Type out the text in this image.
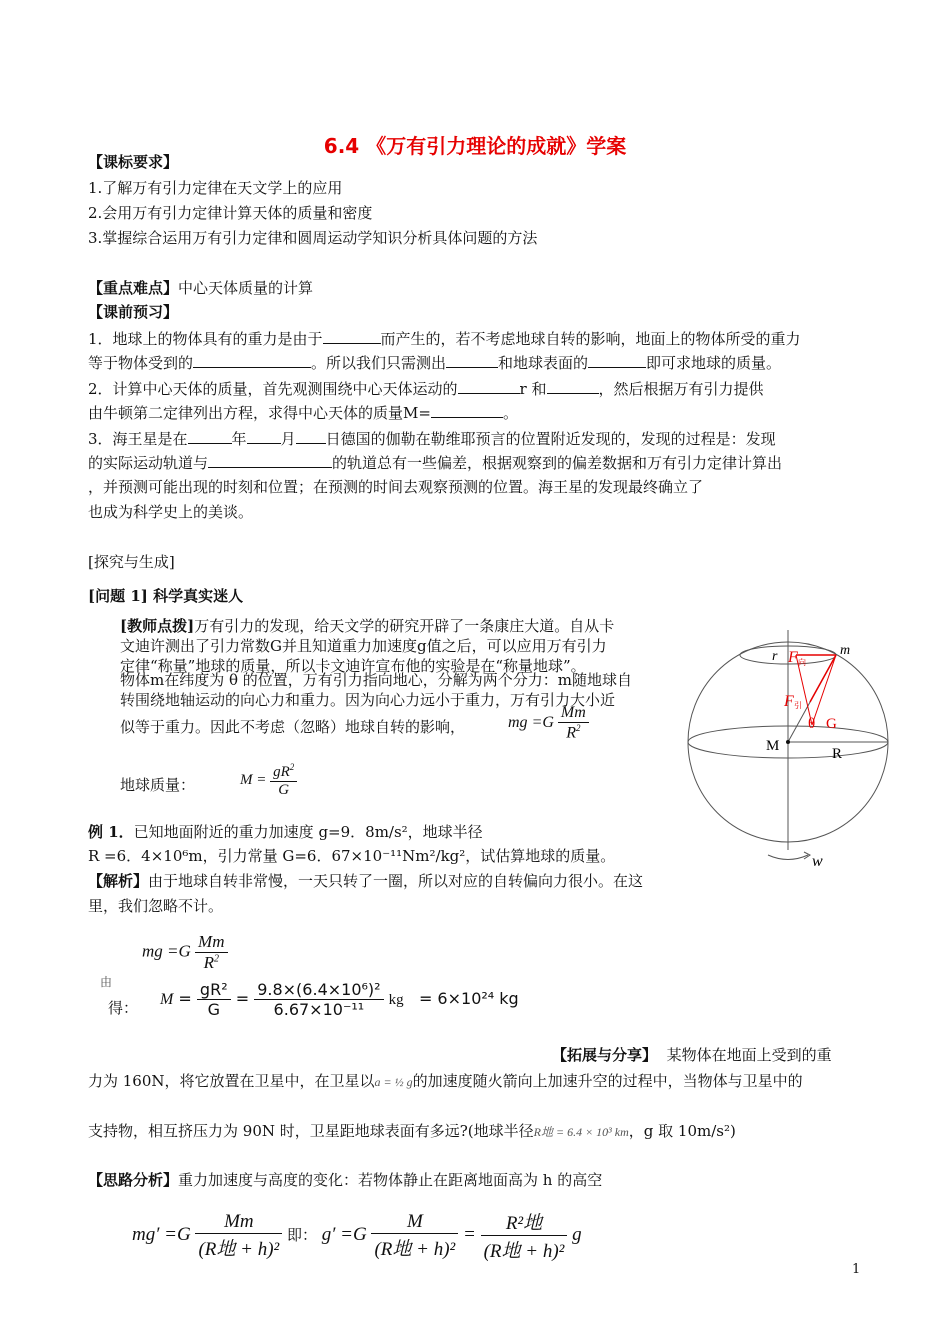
6.4 《万有引力理论的成就》学案
【课标要求】
1.了解万有引力定律在天文学上的应用
2.会用万有引力定律计算天体的质量和密度
3.掌握综合运用万有引力定律和圆周运动学知识分析具体问题的方法
【重点难点】中心天体质量的计算
【课前预习】
1．地球上的物体具有的重力是由于	而产生的，若不考虑地球自转的影响，地面上的物体所受的重力
等于物体受到的	。所以我们只需测出	和地球表面的	即可求地球的质量。
2．计算中心天体的质量，首先观测围绕中心天体运动的	r 和	，然后根据万有引力提供
由牛顿第二定律列出方程，求得中心天体的质量M=	。
3．海王星是在	年 月 日德国的伽勒在勒维耶预言的位置附近发现的，发现的过程是：发现
的实际运动轨道与	的轨道总有一些偏差，根据观察到的偏差数据和万有引力定律计算出
，并预测可能出现的时刻和位置；在预测的时间去观察预测的位置。海王星的发现最终确立了
也成为科学史上的美谈。
[探究与生成]
[问题 1] 科学真实迷人
[教师点拨]万有引力的发现，给天文学的研究开辟了一条康庄大道。自从卡
文迪许测出了引力常数G并且知道重力加速度g值之后，可以应用万有引力
定律“称量”地球的质量，所以卡文迪许宣布他的实验是在“称量地球”。
物体m在纬度为 θ 的位置，万有引力指向地心，分解为两个分力：m随地球自
转围绕地轴运动的向心力和重力。因为向心力远小于重力，万有引力大小近
似等于重力。因此不考虑（忽略）地球自转的影响，	mg $=G \frac{Mm}{R^2}$
地球质量：	$M = \frac{gR^2}{G}$
r F 向
m
F 引
θ G
M	R
w
例 1．已知地面附近的重力加速度 g=9．8m/s²，地球半径
R =6．4×10⁶m，引力常量 G=6．67×10⁻¹¹Nm²/kg²，试估算地球的质量。
【解析】由于地球自转非常慢，一天只转了一圈，所以对应的自转偏向力很小。在这
里，我们忽略不计。
mg $=G \frac{Mm}{R^2}$
由
得： $M = \frac{\text{gR²}}{G} = \frac{\text{9.8×(6.4×10⁶)²}}{\text{6.67×10⁻¹¹}}$ kg = 6×10²⁴ kg
【拓展与分享】 某物体在地面上受到的重
力为 160N，将它放置在卫星中，在卫星以a = ½ g的加速度随火箭向上加速升空的过程中，当物体与卫星中的
支持物，相互挤压力为 90N 时，卫星距地球表面有多远?(地球半径R地 = 6.4 × 10³ km，g 取 10m/s²)
【思路分析】重力加速度与高度的变化：若物体静止在距离地面高为 h 的高空
$mg' =G \frac{Mm}{\text{(R地 + h)²}}$ 即： $g' =G \frac{M}{\text{(R地 + h)²}} = \frac{\text{R²地}}{\text{(R地 + h)²}}$ g
1
